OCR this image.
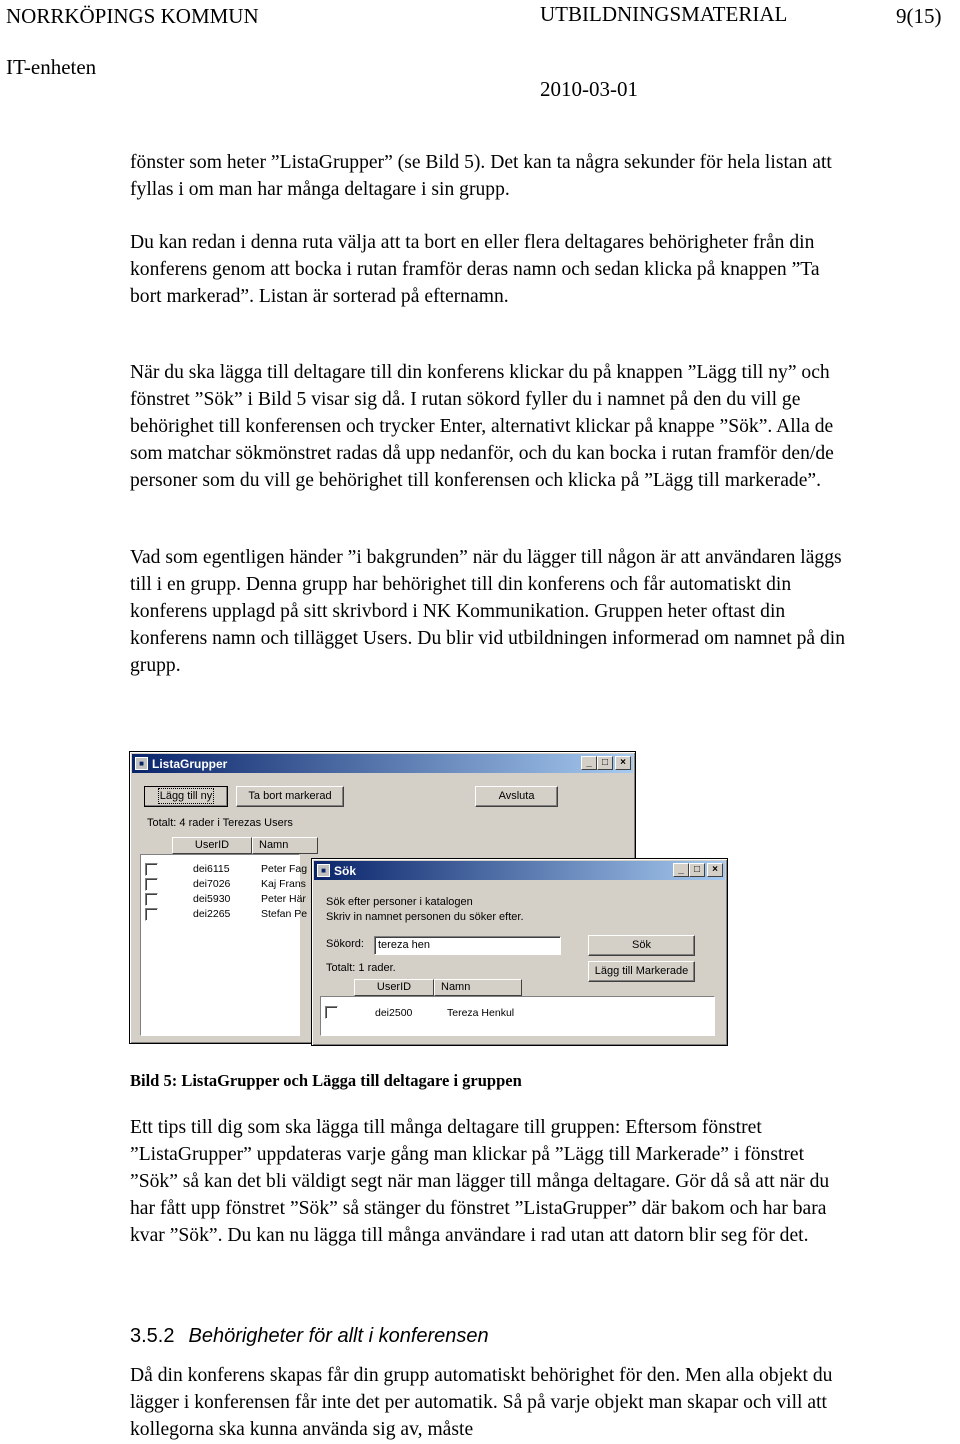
NORRKÖPINGS KOMMUN	UTBILDNINGSMATERIAL	9(15)
IT-enheten
2010-03-01

fönster som heter ”ListaGrupper” (se Bild 5). Det kan ta några sekunder för hela listan att fyllas i om man har många deltagare i sin grupp.

Du kan redan i denna ruta välja att ta bort en eller flera deltagares behörigheter från din konferens genom att bocka i rutan framför deras namn och sedan klicka på knappen ”Ta bort markerad”. Listan är sorterad på efternamn.

När du ska lägga till deltagare till din konferens klickar du på knappen ”Lägg till ny” och fönstret ”Sök” i Bild 5 visar sig då. I rutan sökord fyller du i namnet på den du vill ge behörighet till konferensen och trycker Enter, alternativt klickar på knappe ”Sök”. Alla de som matchar sökmönstret radas då upp nedanför, och du kan bocka i rutan framför den/de personer som du vill ge behörighet till konferensen och klicka på ”Lägg till markerade”.

Vad som egentligen händer ”i bakgrunden” när du lägger till någon är att användaren läggs till i en grupp. Denna grupp har behörighet till din konferens och får automatiskt din konferens upplagd på sitt skrivbord i NK Kommunikation. Gruppen heter oftast din konferens namn och tillägget Users. Du blir vid utbildningen informerad om namnet på din grupp.

■ ListaGrupper	_	□	×
Lägg till ny	Ta bort markerad	Avsluta
Totalt: 4 rader i Terezas Users
UserID	Namn
dei6115	Peter Fag
dei7026	Kaj Frans
dei5930	Peter Här
dei2265	Stefan Pe
■ Sök	_	□	×
Sök efter personer i katalogen
Skriv in namnet personen du söker efter.
Sökord:	tereza hen	Sök
Totalt: 1 rader.	Lägg till Markerade
UserID	Namn
dei2500	Tereza Henkul
Bild 5: ListaGrupper och Lägga till deltagare i gruppen

Ett tips till dig som ska lägga till många deltagare till gruppen: Eftersom fönstret ”ListaGrupper” uppdateras varje gång man klickar på ”Lägg till Markerade” i fönstret ”Sök” så kan det bli väldigt segt när man lägger till många deltagare. Gör då så att när du har fått upp fönstret ”Sök” så stänger du fönstret ”ListaGrupper” där bakom och har bara kvar ”Sök”. Du kan nu lägga till många användare i rad utan att datorn blir seg för det.

3.5.2 Behörigheter för allt i konferensen

Då din konferens skapas får din grupp automatiskt behörighet för den. Men alla objekt du lägger i konferensen får inte det per automatik. Så på varje objekt man skapar och vill att kollegorna ska kunna använda sig av, måste
